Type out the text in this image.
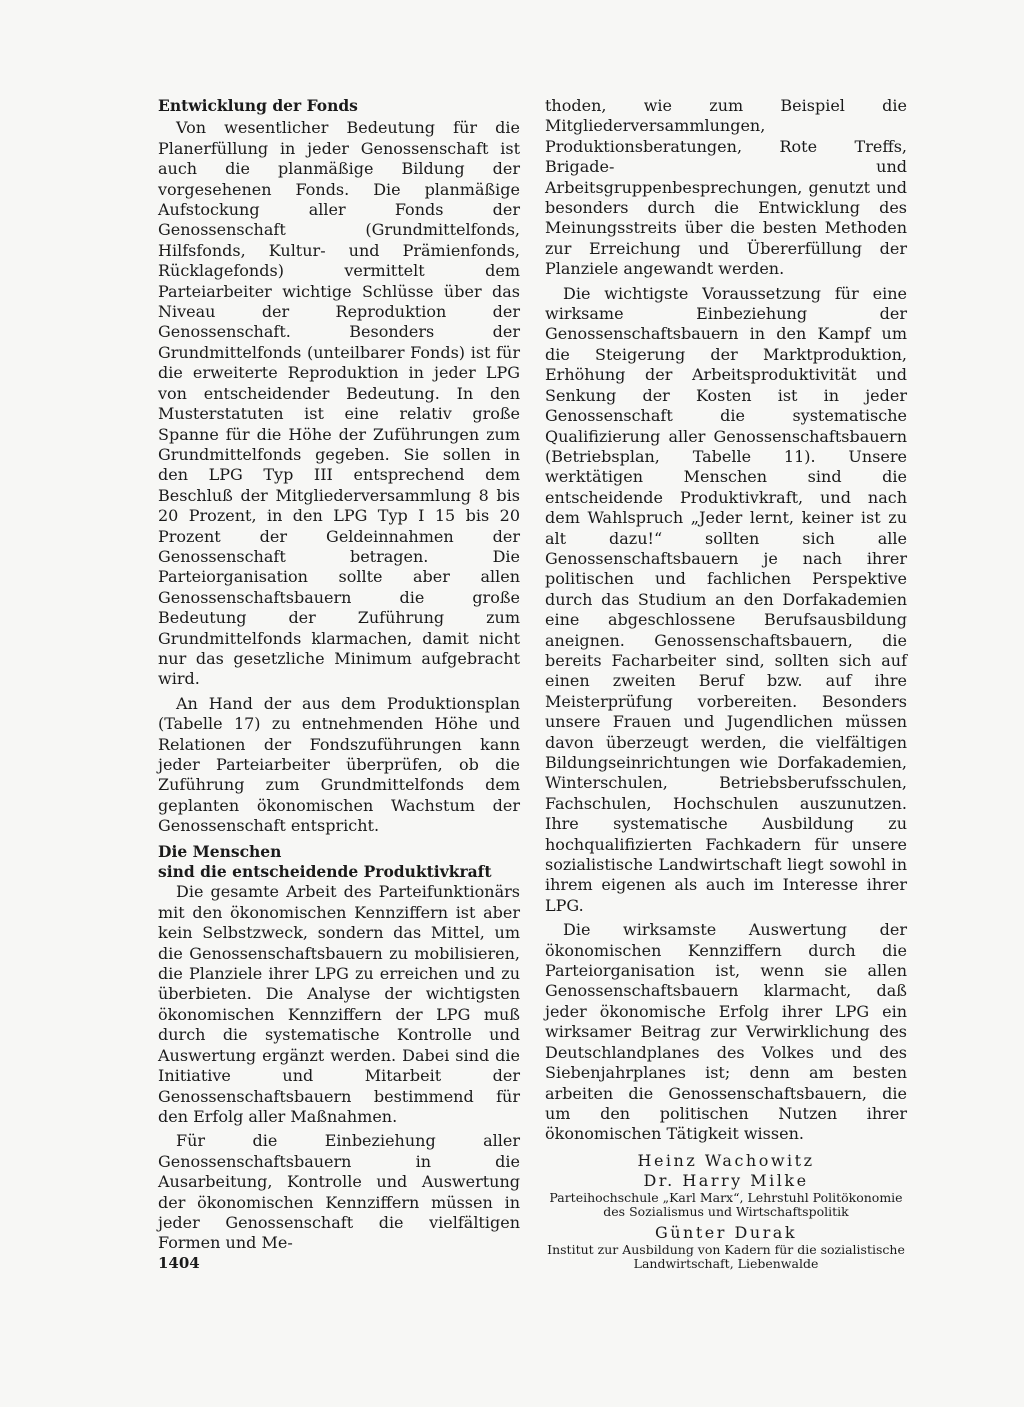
Entwicklung der Fonds

Von wesentlicher Bedeutung für die Planerfüllung in jeder Genossenschaft ist auch die planmäßige Bildung der vorgesehenen Fonds. Die planmäßige Aufstockung aller Fonds der Genossenschaft (Grundmittelfonds, Hilfsfonds, Kultur- und Prämienfonds, Rücklagefonds) vermittelt dem Parteiarbeiter wichtige Schlüsse über das Niveau der Reproduktion der Genossenschaft. Besonders der Grundmittelfonds (unteilbarer Fonds) ist für die erweiterte Reproduktion in jeder LPG von entscheidender Bedeutung. In den Musterstatuten ist eine relativ große Spanne für die Höhe der Zuführungen zum Grundmittelfonds gegeben. Sie sollen in den LPG Typ III entsprechend dem Beschluß der Mitgliederversammlung 8 bis 20 Prozent, in den LPG Typ I 15 bis 20 Prozent der Geldeinnahmen der Genossenschaft betragen. Die Parteiorganisation sollte aber allen Genossenschaftsbauern die große Bedeutung der Zuführung zum Grundmittelfonds klarmachen, damit nicht nur das gesetzliche Minimum aufgebracht wird.

An Hand der aus dem Produktionsplan (Tabelle 17) zu entnehmenden Höhe und Relationen der Fondszuführungen kann jeder Parteiarbeiter überprüfen, ob die Zuführung zum Grundmittelfonds dem geplanten ökonomischen Wachstum der Genossenschaft entspricht.

Die Menschen
sind die entscheidende Produktivkraft

Die gesamte Arbeit des Parteifunktionärs mit den ökonomischen Kennziffern ist aber kein Selbstzweck, sondern das Mittel, um die Genossenschaftsbauern zu mobilisieren, die Planziele ihrer LPG zu erreichen und zu überbieten. Die Analyse der wichtigsten ökonomischen Kennziffern der LPG muß durch die systematische Kontrolle und Auswertung ergänzt werden. Dabei sind die Initiative und Mitarbeit der Genossenschaftsbauern bestimmend für den Erfolg aller Maßnahmen.

Für die Einbeziehung aller Genossenschaftsbauern in die Ausarbeitung, Kontrolle und Auswertung der ökonomischen Kennziffern müssen in jeder Genossenschaft die vielfältigen Formen und Me-

thoden, wie zum Beispiel die Mitgliederversammlungen, Produktionsberatungen, Rote Treffs, Brigade- und Arbeitsgruppenbesprechungen, genutzt und besonders durch die Entwicklung des Meinungsstreits über die besten Methoden zur Erreichung und Übererfüllung der Planziele angewandt werden.

Die wichtigste Voraussetzung für eine wirksame Einbeziehung der Genossenschaftsbauern in den Kampf um die Steigerung der Marktproduktion, Erhöhung der Arbeitsproduktivität und Senkung der Kosten ist in jeder Genossenschaft die systematische Qualifizierung aller Genossenschaftsbauern (Betriebsplan, Tabelle 11). Unsere werktätigen Menschen sind die entscheidende Produktivkraft, und nach dem Wahlspruch „Jeder lernt, keiner ist zu alt dazu!“ sollten sich alle Genossenschaftsbauern je nach ihrer politischen und fachlichen Perspektive durch das Studium an den Dorfakademien eine abgeschlossene Berufsausbildung aneignen. Genossenschaftsbauern, die bereits Facharbeiter sind, sollten sich auf einen zweiten Beruf bzw. auf ihre Meisterprüfung vorbereiten. Besonders unsere Frauen und Jugendlichen müssen davon überzeugt werden, die vielfältigen Bildungseinrichtungen wie Dorfakademien, Winterschulen, Betriebsberufsschulen, Fachschulen, Hochschulen auszunutzen. Ihre systematische Ausbildung zu hochqualifizierten Fachkadern für unsere sozialistische Landwirtschaft liegt sowohl in ihrem eigenen als auch im Interesse ihrer LPG.

Die wirksamste Auswertung der ökonomischen Kennziffern durch die Parteiorganisation ist, wenn sie allen Genossenschaftsbauern klarmacht, daß jeder ökonomische Erfolg ihrer LPG ein wirksamer Beitrag zur Verwirklichung des Deutschlandplanes des Volkes und des Siebenjahrplanes ist; denn am besten arbeiten die Genossenschaftsbauern, die um den politischen Nutzen ihrer ökonomischen Tätigkeit wissen.

Heinz Wachowitz
Dr. Harry Milke
Parteihochschule „Karl Marx“, Lehrstuhl Politökonomie des Sozialismus und Wirtschaftspolitik
Günter Durak
Institut zur Ausbildung von Kadern für die sozialistische Landwirtschaft, Liebenwalde
1404
